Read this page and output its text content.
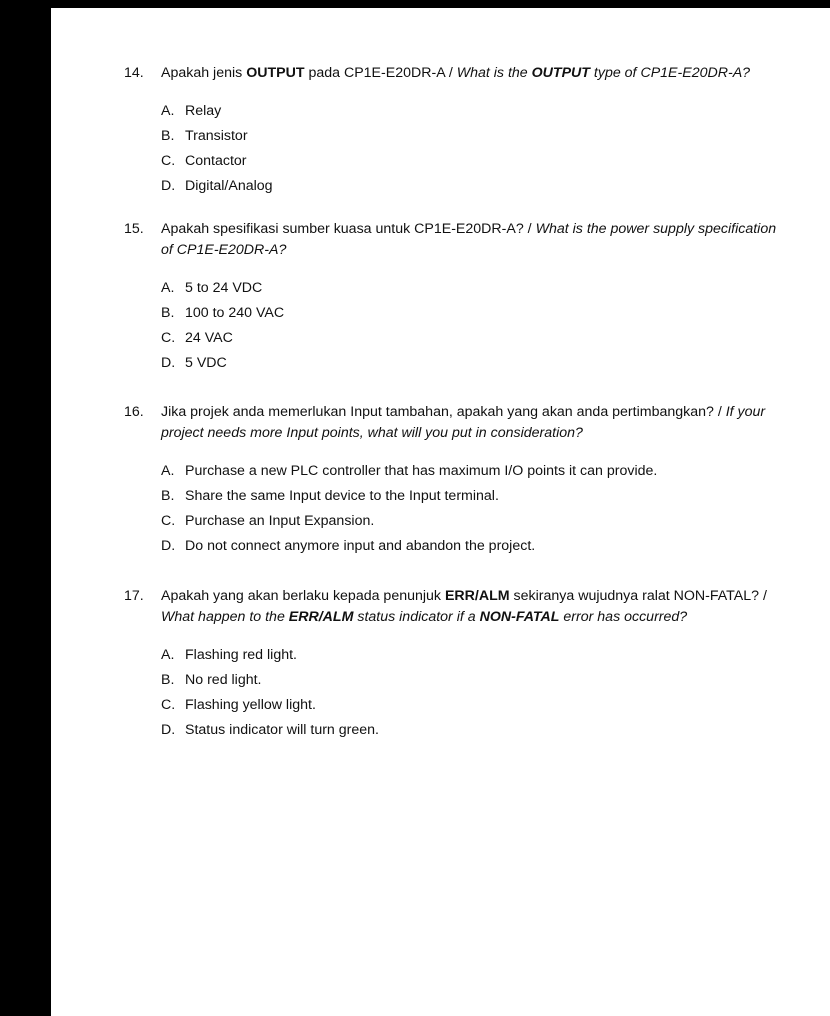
14. Apakah jenis OUTPUT pada CP1E-E20DR-A / What is the OUTPUT type of CP1E-E20DR-A?
A. Relay
B. Transistor
C. Contactor
D. Digital/Analog
15. Apakah spesifikasi sumber kuasa untuk CP1E-E20DR-A? / What is the power supply specification of CP1E-E20DR-A?
A. 5 to 24 VDC
B. 100 to 240 VAC
C. 24 VAC
D. 5 VDC
16. Jika projek anda memerlukan Input tambahan, apakah yang akan anda pertimbangkan? / If your project needs more Input points, what will you put in consideration?
A. Purchase a new PLC controller that has maximum I/O points it can provide.
B. Share the same Input device to the Input terminal.
C. Purchase an Input Expansion.
D. Do not connect anymore input and abandon the project.
17. Apakah yang akan berlaku kepada penunjuk ERR/ALM sekiranya wujudnya ralat NON-FATAL? / What happen to the ERR/ALM status indicator if a NON-FATAL error has occurred?
A. Flashing red light.
B. No red light.
C. Flashing yellow light.
D. Status indicator will turn green.
